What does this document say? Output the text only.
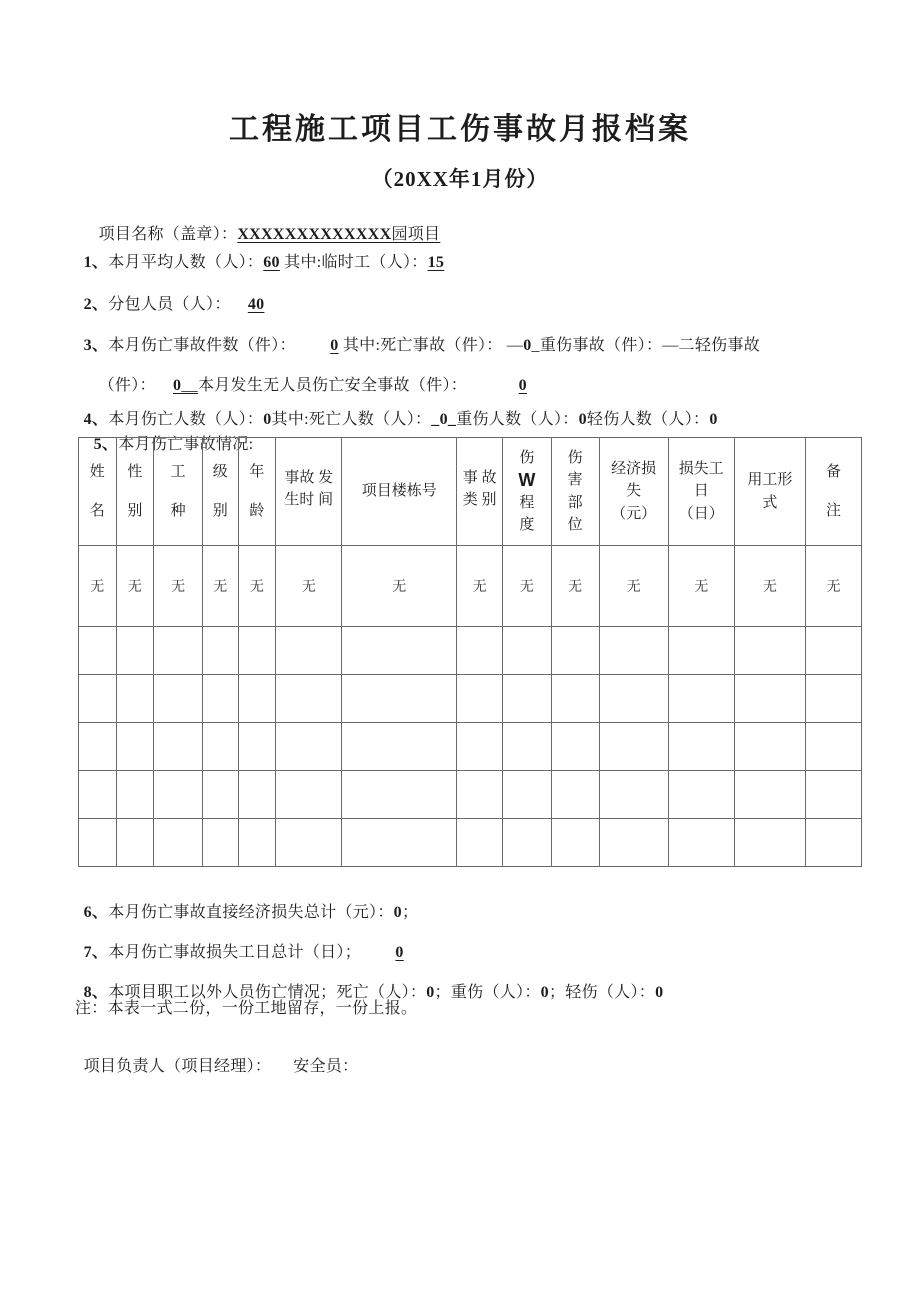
工程施工项目工伤事故月报档案
（20XX年1月份）

项目名称（盖章）：XXXXXXXXXXXXX园项目

1、本月平均人数（人）：60 其中:临时工（人）：15

2、分包人员（人）：    40

3、本月伤亡事故件数（件）：        0 其中:死亡事故（件）： —0_重伤事故（件）：—二轻伤事故

（件）：    0__本月发生无人员伤亡安全事故（件）：            0

4、本月伤亡人数（人）：0其中:死亡人数（人）：_0_重伤人数（人）：0轻伤人数（人）：0

5、本月伤亡事故情况:

姓
名	性
别	工
种	级
别	年
龄	事故 发
生时 间	项目楼栋号	事 故
类 别	伤
W
程
度	伤
害
部
位	经济损
失
（元）	损失工
日
（日）	用工形
式	备
注

无	无	无	无	无	无	无	无	无	无	无	无	无	无

6、本月伤亡事故直接经济损失总计（元）：0；

7、本月伤亡事故损失工日总计（日）；        0

8、本项目职工以外人员伤亡情况；死亡（人）：0；重伤（人）：0；轻伤（人）：0

注：本表一式二份，一份工地留存，一份上报。

项目负责人（项目经理）： 安全员：
